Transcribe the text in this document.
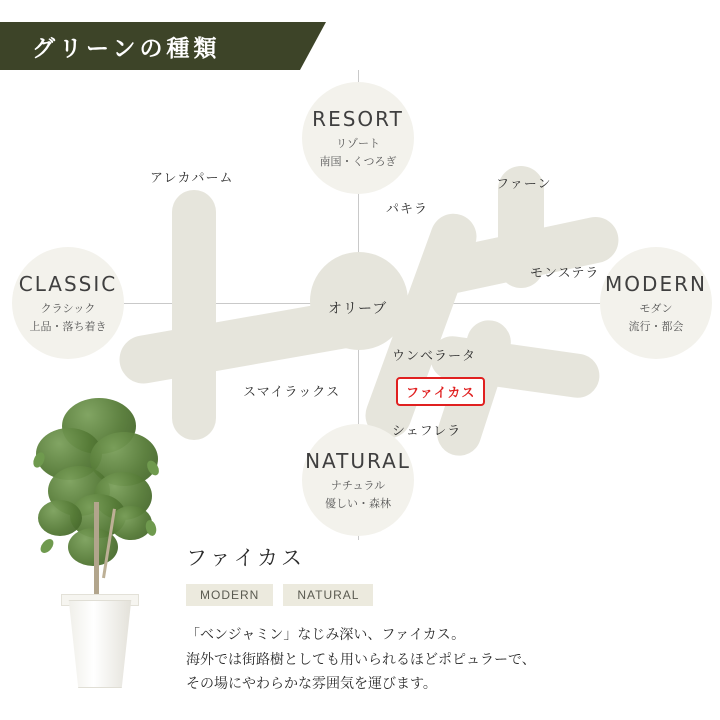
グリーンの種類
CLASSIC
クラシック
上品・落ち着き
MODERN
モダン
流行・都会
RESORT
リゾート
南国・くつろぎ
NATURAL
ナチュラル
優しい・森林
アレカパーム
パキラ
ファーン
モンステラ
オリーブ
ウンベラータ
スマイラックス	ファイカス
シェフレラ
ファイカス
MODERN	NATURAL
「ベンジャミン」なじみ深い、ファイカス。
海外では街路樹としても用いられるほどポピュラーで、
その場にやわらかな雰囲気を運びます。
